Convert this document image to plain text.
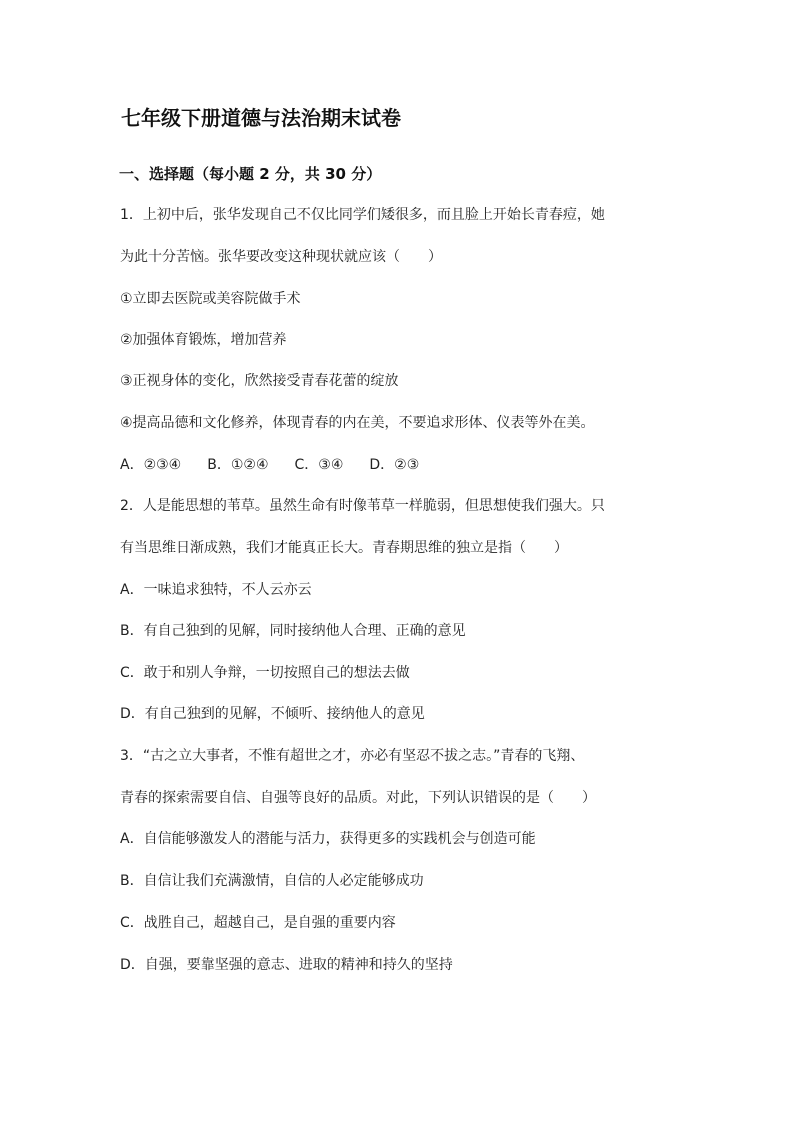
七年级下册道德与法治期末试卷
一、选择题（每小题 2 分，共 30 分）
1．上初中后，张华发现自己不仅比同学们矮很多，而且脸上开始长青春痘，她
为此十分苦恼。张华要改变这种现状就应该（　　）
①立即去医院或美容院做手术
②加强体育锻炼，增加营养
③正视身体的变化，欣然接受青春花蕾的绽放
④提高品德和文化修养，体现青春的内在美，不要追求形体、仪表等外在美。
A．②③④ B．①②④ C．③④ D．②③
2．人是能思想的苇草。虽然生命有时像苇草一样脆弱，但思想使我们强大。只
有当思维日渐成熟，我们才能真正长大。青春期思维的独立是指（　　）
A．一味追求独特，不人云亦云
B．有自己独到的见解，同时接纳他人合理、正确的意见
C．敢于和别人争辩，一切按照自己的想法去做
D．有自己独到的见解，不倾听、接纳他人的意见
3．“古之立大事者，不惟有超世之才，亦必有坚忍不拔之志。”青春的飞翔、
青春的探索需要自信、自强等良好的品质。对此，下列认识错误的是（　　）
A．自信能够激发人的潜能与活力，获得更多的实践机会与创造可能
B．自信让我们充满激情，自信的人必定能够成功
C．战胜自己，超越自己，是自强的重要内容
D．自强，要靠坚强的意志、进取的精神和持久的坚持
